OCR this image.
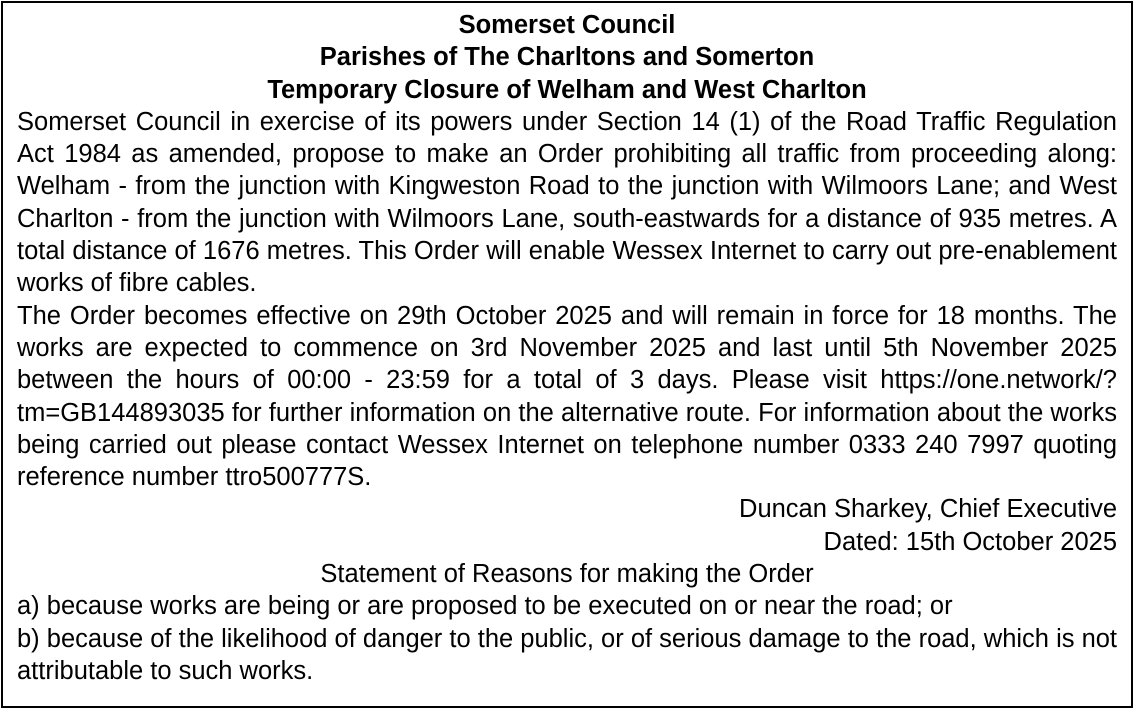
Somerset Council
Parishes of The Charltons and Somerton
Temporary Closure of Welham and West Charlton

Somerset Council in exercise of its powers under Section 14 (1) of the Road Traffic Regulation Act 1984 as amended, propose to make an Order prohibiting all traffic from proceeding along: Welham - from the junction with Kingweston Road to the junction with Wilmoors Lane; and West Charlton - from the junction with Wilmoors Lane, south-eastwards for a distance of 935 metres. A total distance of 1676 metres. This Order will enable Wessex Internet to carry out pre-enablement works of fibre cables.

The Order becomes effective on 29th October 2025 and will remain in force for 18 months. The works are expected to commence on 3rd November 2025 and last until 5th November 2025 between the hours of 00:00 - 23:59 for a total of 3 days. Please visit https://one.network/?tm=GB144893035 for further information on the alternative route. For information about the works being carried out please contact Wessex Internet on telephone number 0333 240 7997 quoting reference number ttro500777S.

Duncan Sharkey, Chief Executive
Dated: 15th October 2025
Statement of Reasons for making the Order

a) because works are being or are proposed to be executed on or near the road; or

b) because of the likelihood of danger to the public, or of serious damage to the road, which is not attributable to such works.
